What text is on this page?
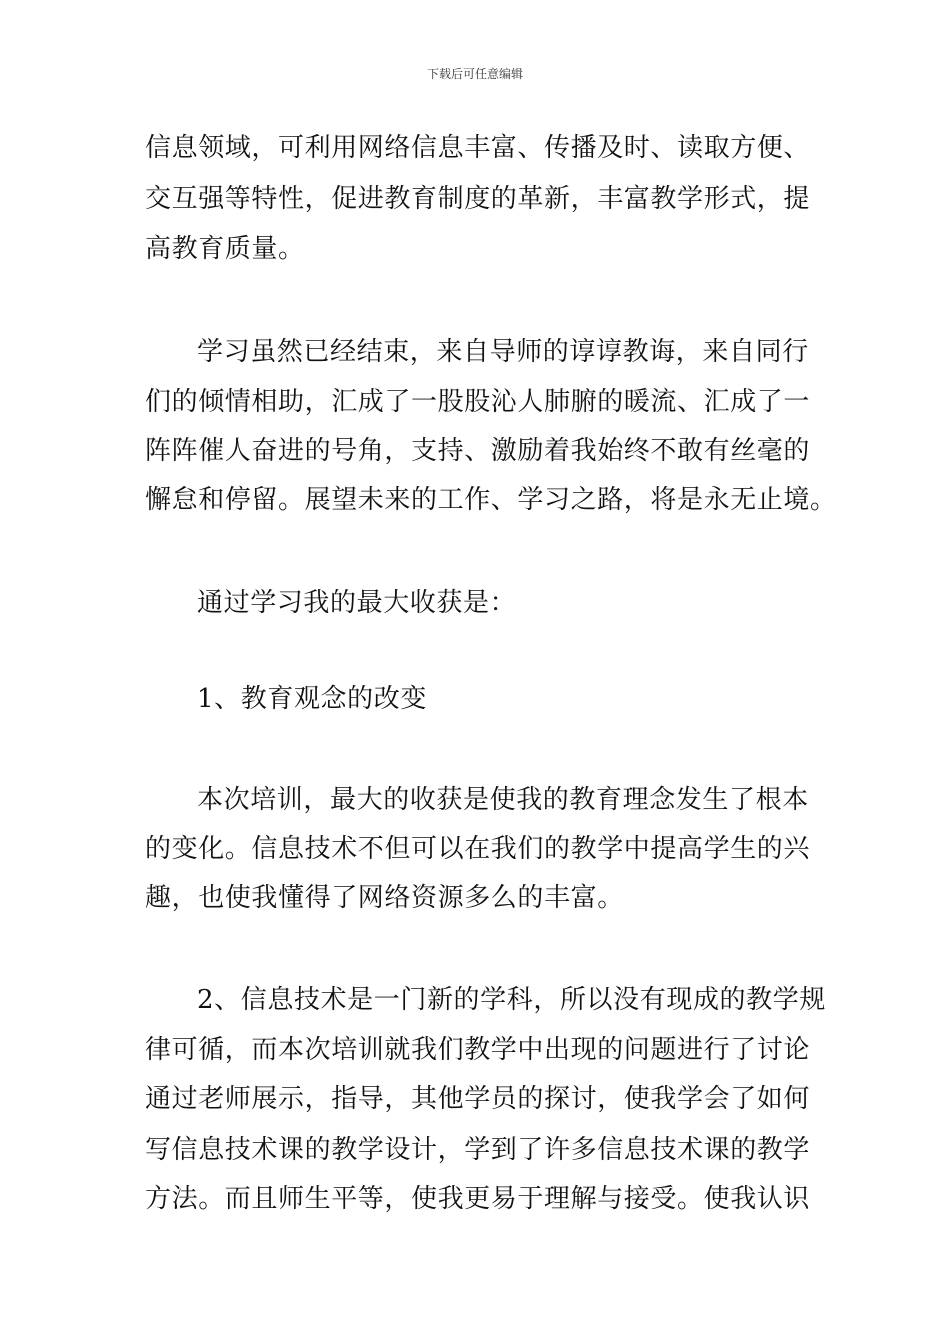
下载后可任意编辑
信息领域，可利用网络信息丰富、传播及时、读取方便、
交互强等特性，促进教育制度的革新，丰富教学形式，提
高教育质量。
学习虽然已经结束，来自导师的谆谆教诲，来自同行
们的倾情相助，汇成了一股股沁人肺腑的暖流、汇成了一
阵阵催人奋进的号角，支持、激励着我始终不敢有丝毫的
懈怠和停留。展望未来的工作、学习之路，将是永无止境。
通过学习我的最大收获是：
1、教育观念的改变
本次培训，最大的收获是使我的教育理念发生了根本
的变化。信息技术不但可以在我们的教学中提高学生的兴
趣，也使我懂得了网络资源多么的丰富。
2、信息技术是一门新的学科，所以没有现成的教学规
律可循，而本次培训就我们教学中出现的问题进行了讨论
通过老师展示，指导，其他学员的探讨，使我学会了如何
写信息技术课的教学设计，学到了许多信息技术课的教学
方法。而且师生平等，使我更易于理解与接受。使我认识
